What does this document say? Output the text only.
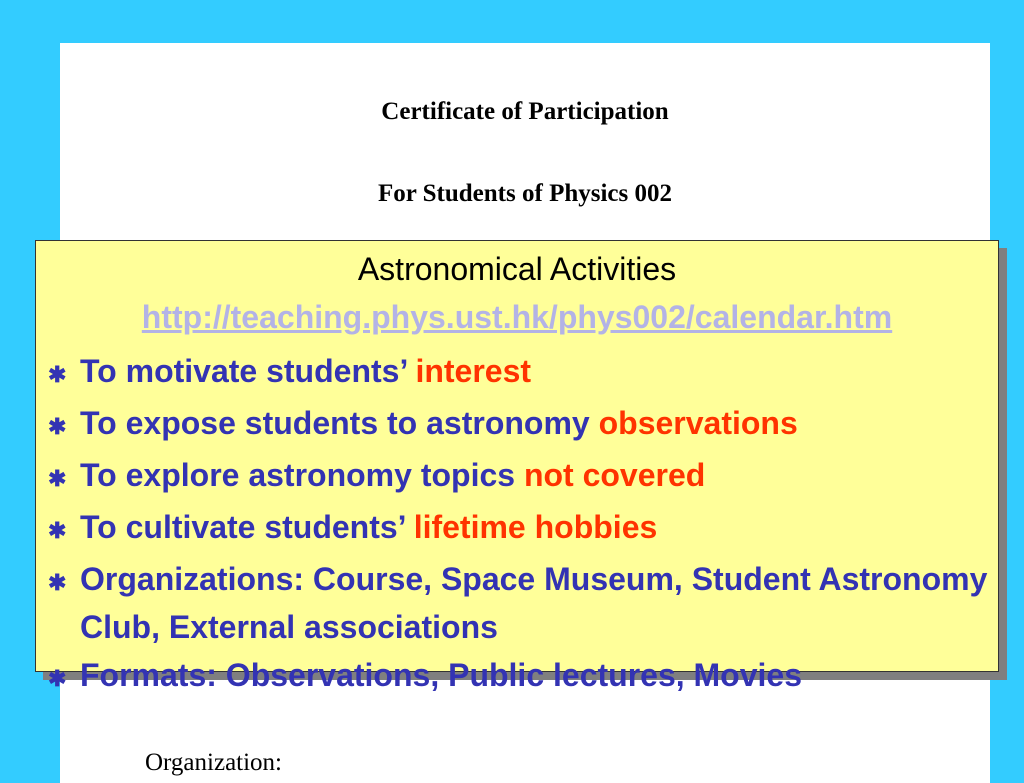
Certificate of Participation
For Students of Physics 002
Organization:
Astronomical Activities
http://teaching.phys.ust.hk/phys002/calendar.htm
✱ To motivate students’ interest
✱ To expose students to astronomy observations
✱ To explore astronomy topics not covered
✱ To cultivate students’ lifetime hobbies
✱ Organizations: Course, Space Museum, Student Astronomy Club, External associations
✱ Formats: Observations, Public lectures, Movies
